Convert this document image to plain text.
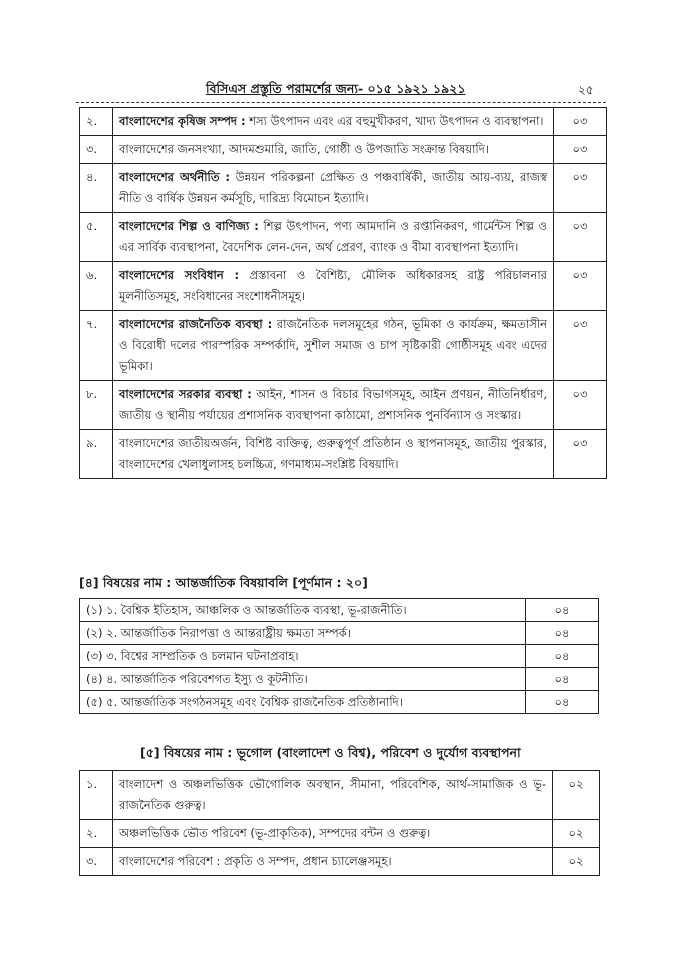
বিসিএস প্রস্তুতি পরামর্শের জন্য- ০১৫ ১৯২১ ১৯২১	২৫
২.	বাংলাদেশের কৃষিজ সম্পদ : শস্য উৎপাদন এবং এর বহুমুখীকরণ, খাদ্য উৎপাদন ও ব্যবস্থাপনা।	০৩
৩.	বাংলাদেশের জনসংখ্যা, আদমশুমারি, জাতি, গোষ্ঠী ও উপজাতি সংক্রান্ত বিষয়াদি।	০৩
৪.	বাংলাদেশের অর্থনীতি : উন্নয়ন পরিকল্পনা প্রেক্ষিত ও পঞ্চবার্ষিকী, জাতীয় আয়-ব্যয়, রাজস্ব নীতি ও বার্ষিক উন্নয়ন কর্মসূচি, দারিদ্র্য বিমোচন ইত্যাদি।	০৩
৫.	বাংলাদেশের শিল্প ও বাণিজ্য : শিল্প উৎপাদন, পণ্য আমদানি ও রপ্তানিকরণ, গার্মেন্টস শিল্প ও এর সার্বিক ব্যবস্থাপনা, বৈদেশিক লেন-দেন, অর্থ প্রেরণ, ব্যাংক ও বীমা ব্যবস্থাপনা ইত্যাদি।	০৩
৬.	বাংলাদেশের সংবিধান : প্রস্তাবনা ও বৈশিষ্ট্য, মৌলিক অধিকারসহ রাষ্ট্র পরিচালনার মূলনীতিসমূহ, সংবিধানের সংশোধনীসমূহ।	০৩
৭.	বাংলাদেশের রাজনৈতিক ব্যবস্থা : রাজনৈতিক দলসমূহের গঠন, ভূমিকা ও কার্যক্রম, ক্ষমতাসীন ও বিরোধী দলের পারস্পরিক সম্পর্কাদি, সুশীল সমাজ ও চাপ সৃষ্টিকারী গোষ্ঠীসমূহ এবং এদের ভূমিকা।	০৩
৮.	বাংলাদেশের সরকার ব্যবস্থা : আইন, শাসন ও বিচার বিভাগসমূহ, আইন প্রণয়ন, নীতিনির্ধারণ, জাতীয় ও স্থানীয় পর্যায়ের প্রশাসনিক ব্যবস্থাপনা কাঠামো, প্রশাসনিক পুনর্বিন্যাস ও সংস্কার।	০৩
৯.	বাংলাদেশের জাতীয়অর্জন, বিশিষ্ট ব্যক্তিত্ব, গুরুত্বপূর্ণ প্রতিষ্ঠান ও স্থাপনাসমূহ, জাতীয় পুরস্কার, বাংলাদেশের খেলাধুলাসহ চলচ্চিত্র, গণমাধ্যম-সংশ্লিষ্ট বিষয়াদি।	০৩
[৪] বিষয়ের নাম : আন্তর্জাতিক বিষয়াবলি [পূর্ণমান : ২০]
(১) ১. বৈশ্বিক ইতিহাস, আঞ্চলিক ও আন্তর্জাতিক ব্যবস্থা, ভূ-রাজনীতি।	০৪
(২) ২. আন্তর্জাতিক নিরাপত্তা ও আন্তরাষ্ট্রীয় ক্ষমতা সম্পর্ক।	০৪
(৩) ৩. বিশ্বের সাম্প্রতিক ও চলমান ঘটনাপ্রবাহ।	০৪
(৪) ৪. আন্তর্জাতিক পরিবেশগত ইস্যু ও কূটনীতি।	০৪
(৫) ৫. আন্তর্জাতিক সংগঠনসমূহ এবং বৈশ্বিক রাজনৈতিক প্রতিষ্ঠানাদি।	০৪
[৫] বিষয়ের নাম : ভূগোল (বাংলাদেশ ও বিশ্ব), পরিবেশ ও দুর্যোগ ব্যবস্থাপনা
১.	বাংলাদেশ ও অঞ্চলভিত্তিক ভৌগোলিক অবস্থান, সীমানা, পরিবেশিক, আর্থ-সামাজিক ও ভূ- রাজনৈতিক গুরুত্ব।	০২
২.	অঞ্চলভিত্তিক ভৌত পরিবেশ (ভূ-প্রাকৃতিক), সম্পদের বন্টন ও গুরুত্ব।	০২
৩.	বাংলাদেশের পরিবেশ : প্রকৃতি ও সম্পদ, প্রধান চ্যালেঞ্জসমূহ।	০২
